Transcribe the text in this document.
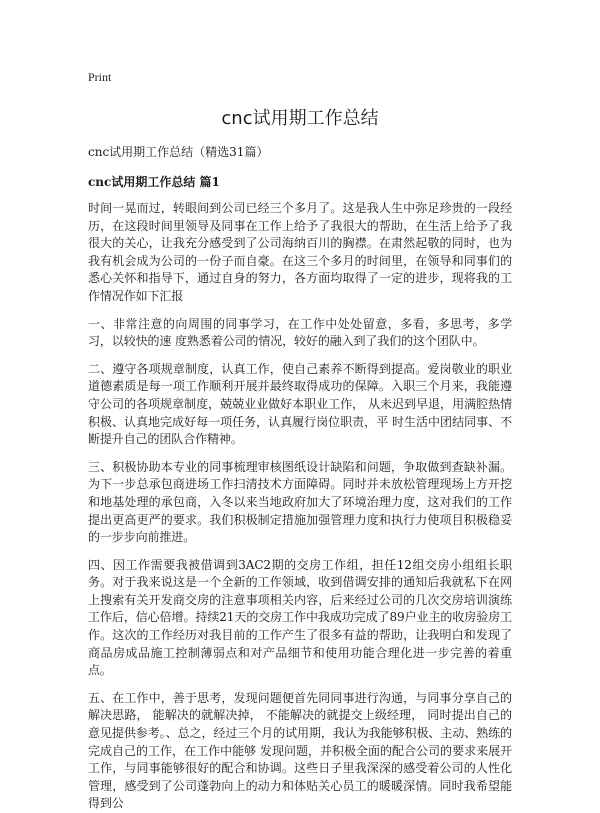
Print

cnc试用期工作总结

cnc试用期工作总结（精选31篇）

cnc试用期工作总结 篇1

时间一晃而过，转眼间到公司已经三个多月了。这是我人生中弥足珍贵的一段经历，在这段时间里领导及同事在工作上给予了我很大的帮助，在生活上给予了我很大的关心，让我充分感受到了公司海纳百川的胸襟。在肃然起敬的同时，也为我有机会成为公司的一份子而自豪。在这三个多月的时间里，在领导和同事们的悉心关怀和指导下，通过自身的努力，各方面均取得了一定的进步，现将我的工作情况作如下汇报

一、非常注意的向周围的同事学习，在工作中处处留意，多看，多思考，多学习，以较快的速 度熟悉着公司的情况，较好的融入到了我们的这个团队中。

二、遵守各项规章制度，认真工作，使自己素养不断得到提高。爱岗敬业的职业道德素质是每一项工作顺利开展并最终取得成功的保障。入职三个月来，我能遵守公司的各项规章制度，兢兢业业做好本职业工作， 从未迟到早退，用满腔热情积极、认真地完成好每一项任务，认真履行岗位职责，平 时生活中团结同事、不断提升自己的团队合作精神。

三、积极协助本专业的同事梳理审核图纸设计缺陷和问题，争取做到查缺补漏。为下一步总承包商进场工作扫清技术方面障碍。同时并未放松管理现场上方开挖和地基处理的承包商，入冬以来当地政府加大了环境治理力度，这对我们的工作提出更高更严的要求。我们积极制定措施加强管理力度和执行力使项目积极稳妥的一步步向前推进。

四、因工作需要我被借调到3AC2期的交房工作组，担任12组交房小组组长职务。对于我来说这是一个全新的工作领域，收到借调安排的通知后我就私下在网上搜索有关开发商交房的注意事项相关内容，后来经过公司的几次交房培训演练工作后，信心倍增。持续21天的交房工作中我成功完成了89户业主的收房验房工作。这次的工作经历对我目前的工作产生了很多有益的帮助，让我明白和发现了商品房成品施工控制薄弱点和对产品细节和使用功能合理化进一步完善的着重点。

五、在工作中，善于思考，发现问题便首先同同事进行沟通，与同事分享自己的解决思路， 能解决的就解决掉， 不能解决的就提交上级经理， 同时提出自己的意见提供参考。、总之，经过三个月的试用期，我认为我能够积极、主动、熟练的完成自己的工作，在工作中能够 发现问题，并积极全面的配合公司的要求来展开工作，与同事能够很好的配合和协调。这些日子里我深深的感受着公司的人性化管理，感受到了公司蓬勃向上的动力和体贴关心员工的暖暖深情。同时我希望能得到公
